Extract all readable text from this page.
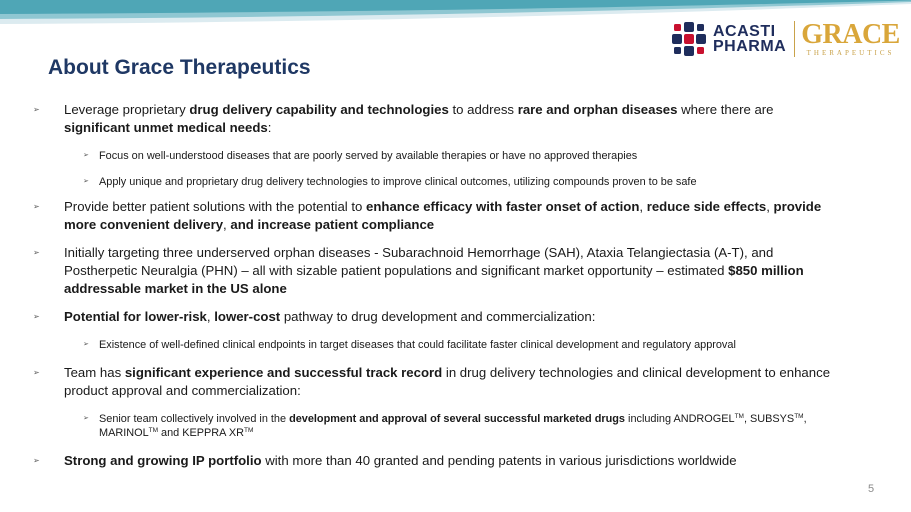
ACASTI
PHARMA GRACE
THERAPEUTICS
About Grace Therapeutics
➢ Leverage proprietary drug delivery capability and technologies to address rare and orphan diseases where there are significant unmet medical needs:
➢ Focus on well-understood diseases that are poorly served by available therapies or have no approved therapies
➢ Apply unique and proprietary drug delivery technologies to improve clinical outcomes, utilizing compounds proven to be safe
➢ Provide better patient solutions with the potential to enhance efficacy with faster onset of action, reduce side effects, provide more convenient delivery, and increase patient compliance
➢ Initially targeting three underserved orphan diseases - Subarachnoid Hemorrhage (SAH), Ataxia Telangiectasia (A-T), and Postherpetic Neuralgia (PHN) – all with sizable patient populations and significant market opportunity – estimated $850 million addressable market in the US alone
➢ Potential for lower-risk, lower-cost pathway to drug development and commercialization:
➢ Existence of well-defined clinical endpoints in target diseases that could facilitate faster clinical development and regulatory approval
➢ Team has significant experience and successful track record in drug delivery technologies and clinical development to enhance product approval and commercialization:
➢ Senior team collectively involved in the development and approval of several successful marketed drugs including ANDROGEL™, SUBSYS™, MARINOL™ and KEPPRA XR™
➢ Strong and growing IP portfolio with more than 40 granted and pending patents in various jurisdictions worldwide
5
